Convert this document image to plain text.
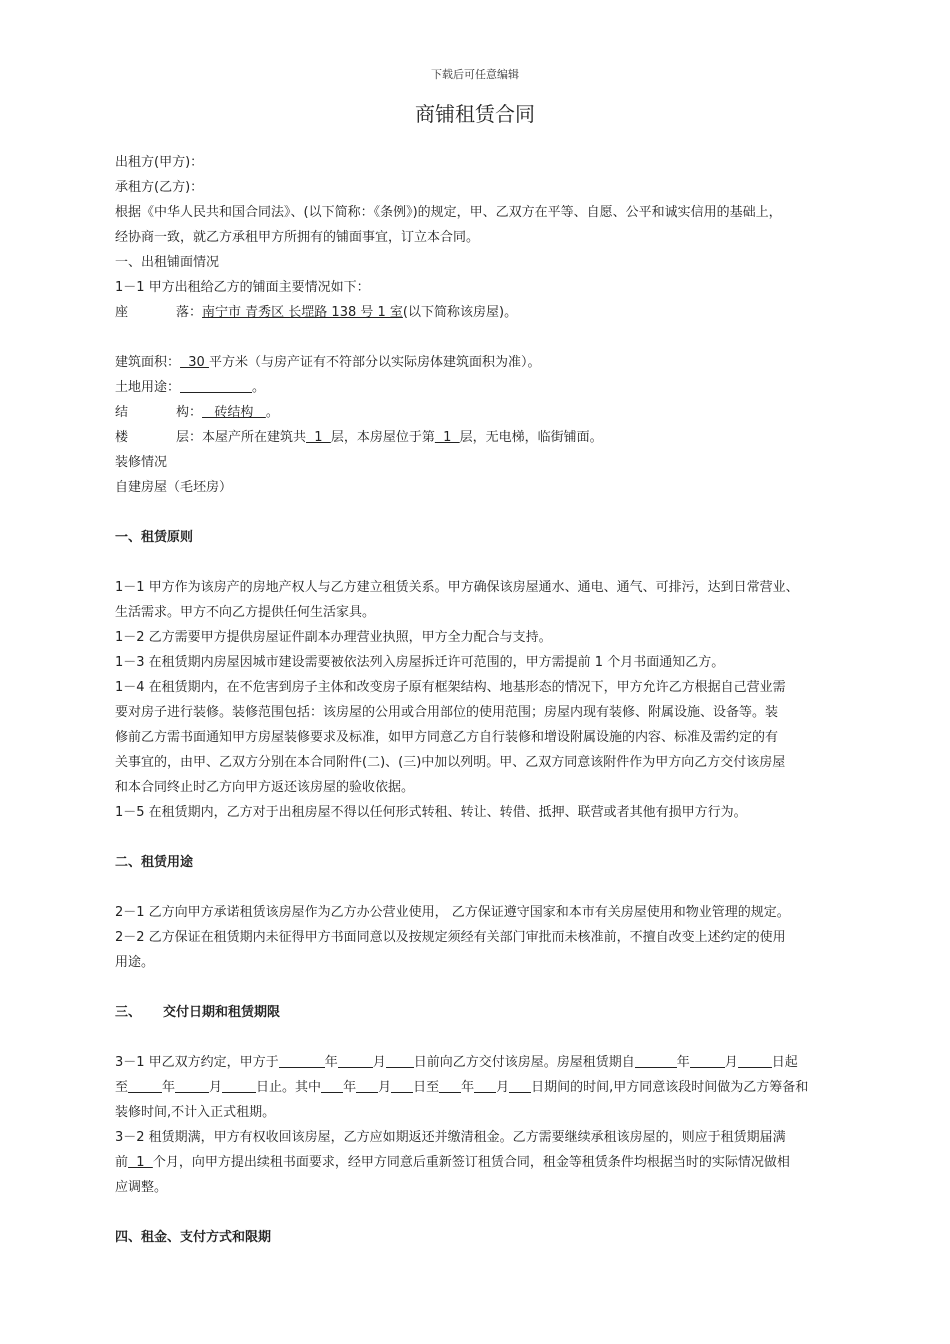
下载后可任意编辑
商铺租赁合同
出租方(甲方)：
承租方(乙方)：
根据《中华人民共和国合同法》、(以下简称：《条例》)的规定，甲、乙双方在平等、自愿、公平和诚实信用的基础上，
经协商一致，就乙方承租甲方所拥有的铺面事宜，订立本合同。
一、出租铺面情况
1－1 甲方出租给乙方的铺面主要情况如下：
座	落：南宁市 青秀区 长堽路 138 号 1 室(以下简称该房屋)。
建筑面积：  30 平方米（与房产证有不符部分以实际房体建筑面积为准）。
土地用途：	。
结	构：   砖结构   。
楼	层：本屋产所在建筑共  1  层，本房屋位于第  1  层，无电梯，临街铺面。
装修情况
自建房屋（毛坯房）
一、租赁原则
1－1 甲方作为该房产的房地产权人与乙方建立租赁关系。甲方确保该房屋通水、通电、通气、可排污，达到日常营业、
生活需求。甲方不向乙方提供任何生活家具。
1－2 乙方需要甲方提供房屋证件副本办理营业执照，甲方全力配合与支持。
1－3 在租赁期内房屋因城市建设需要被依法列入房屋拆迁许可范围的，甲方需提前 1 个月书面通知乙方。
1－4 在租赁期内，在不危害到房子主体和改变房子原有框架结构、地基形态的情况下，甲方允许乙方根据自己营业需
要对房子进行装修。装修范围包括：该房屋的公用或合用部位的使用范围；房屋内现有装修、附属设施、设备等。装
修前乙方需书面通知甲方房屋装修要求及标准，如甲方同意乙方自行装修和增设附属设施的内容、标准及需约定的有
关事宜的，由甲、乙双方分别在本合同附件(二)、(三)中加以列明。甲、乙双方同意该附件作为甲方向乙方交付该房屋
和本合同终止时乙方向甲方返还该房屋的验收依据。
1－5 在租赁期内，乙方对于出租房屋不得以任何形式转租、转让、转借、抵押、联营或者其他有损甲方行为。
二、租赁用途
2－1 乙方向甲方承诺租赁该房屋作为乙方办公营业使用， 乙方保证遵守国家和本市有关房屋使用和物业管理的规定。
2－2 乙方保证在租赁期内未征得甲方书面同意以及按规定须经有关部门审批而未核准前，不擅自改变上述约定的使用
用途。
三、 交付日期和租赁期限
3－1 甲乙双方约定，甲方于	年	月 日前向乙方交付该房屋。房屋租赁期自	年	月	日起
至	年	月	日止。其中 年 月 日至 年 月 日期间的时间,甲方同意该段时间做为乙方筹备和
装修时间,不计入正式租期。
3－2 租赁期满，甲方有权收回该房屋，乙方应如期返还并缴清租金。乙方需要继续承租该房屋的，则应于租赁期届满
前  1  个月，向甲方提出续租书面要求，经甲方同意后重新签订租赁合同，租金等租赁条件均根据当时的实际情况做相
应调整。
四、租金、支付方式和限期
